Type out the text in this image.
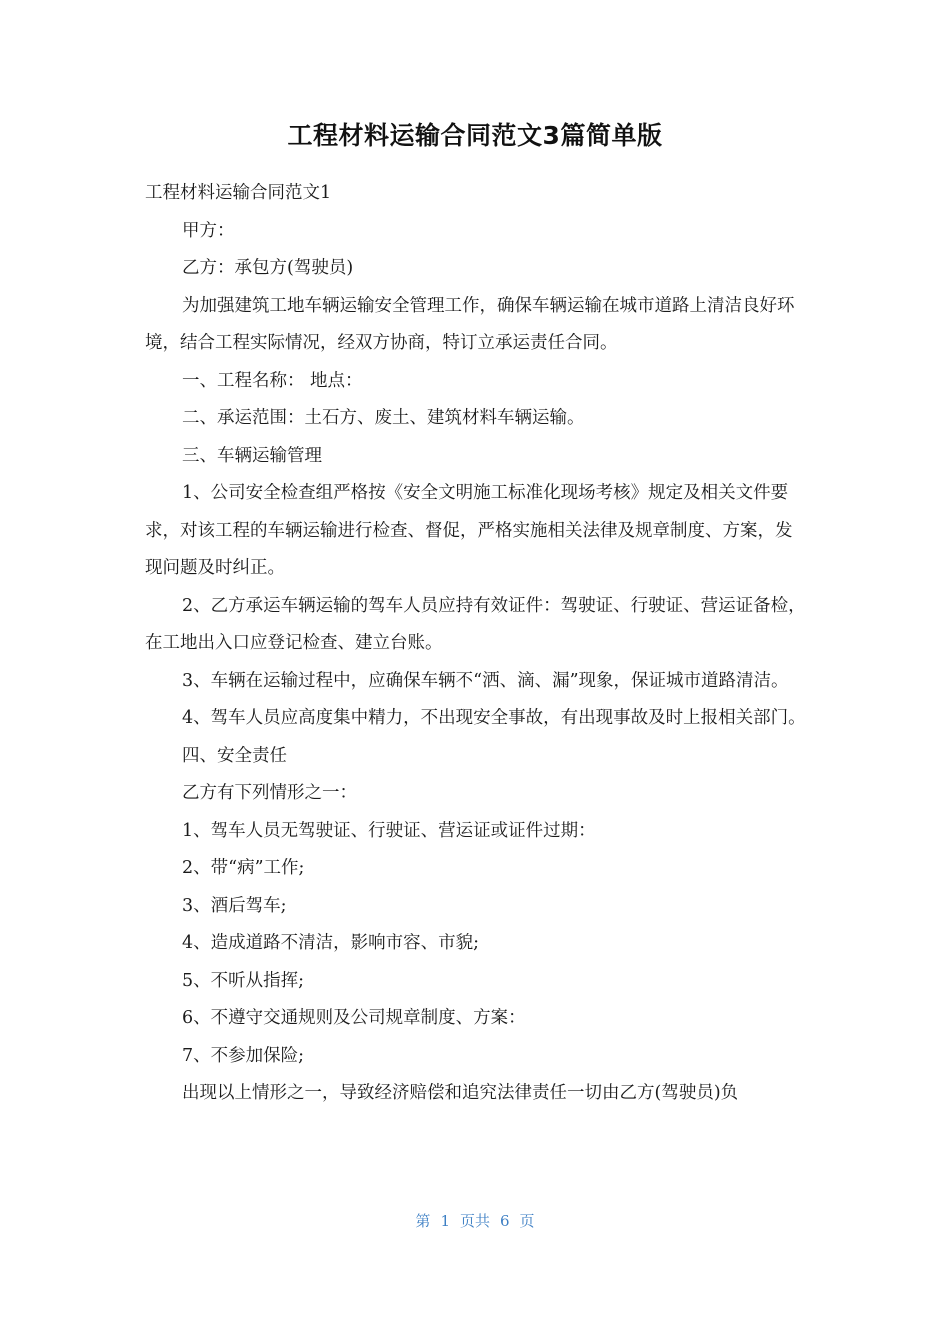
工程材料运输合同范文3篇简单版

工程材料运输合同范文1

甲方：

乙方：承包方(驾驶员)

为加强建筑工地车辆运输安全管理工作，确保车辆运输在城市道路上清洁良好环境，结合工程实际情况，经双方协商，特订立承运责任合同。

一、工程名称： 地点：

二、承运范围：土石方、废土、建筑材料车辆运输。

三、车辆运输管理

1、公司安全检查组严格按《安全文明施工标准化现场考核》规定及相关文件要求，对该工程的车辆运输进行检查、督促，严格实施相关法律及规章制度、方案，发现问题及时纠正。

2、乙方承运车辆运输的驾车人员应持有效证件：驾驶证、行驶证、营运证备检，在工地出入口应登记检查、建立台账。

3、车辆在运输过程中，应确保车辆不“洒、滴、漏”现象，保证城市道路清洁。

4、驾车人员应高度集中精力，不出现安全事故，有出现事故及时上报相关部门。

四、安全责任

乙方有下列情形之一：

1、驾车人员无驾驶证、行驶证、营运证或证件过期：

2、带“病”工作;

3、酒后驾车;

4、造成道路不清洁，影响市容、市貌;

5、不听从指挥;

6、不遵守交通规则及公司规章制度、方案：

7、不参加保险;

出现以上情形之一，导致经济赔偿和追究法律责任一切由乙方(驾驶员)负

第 1 页共 6 页
